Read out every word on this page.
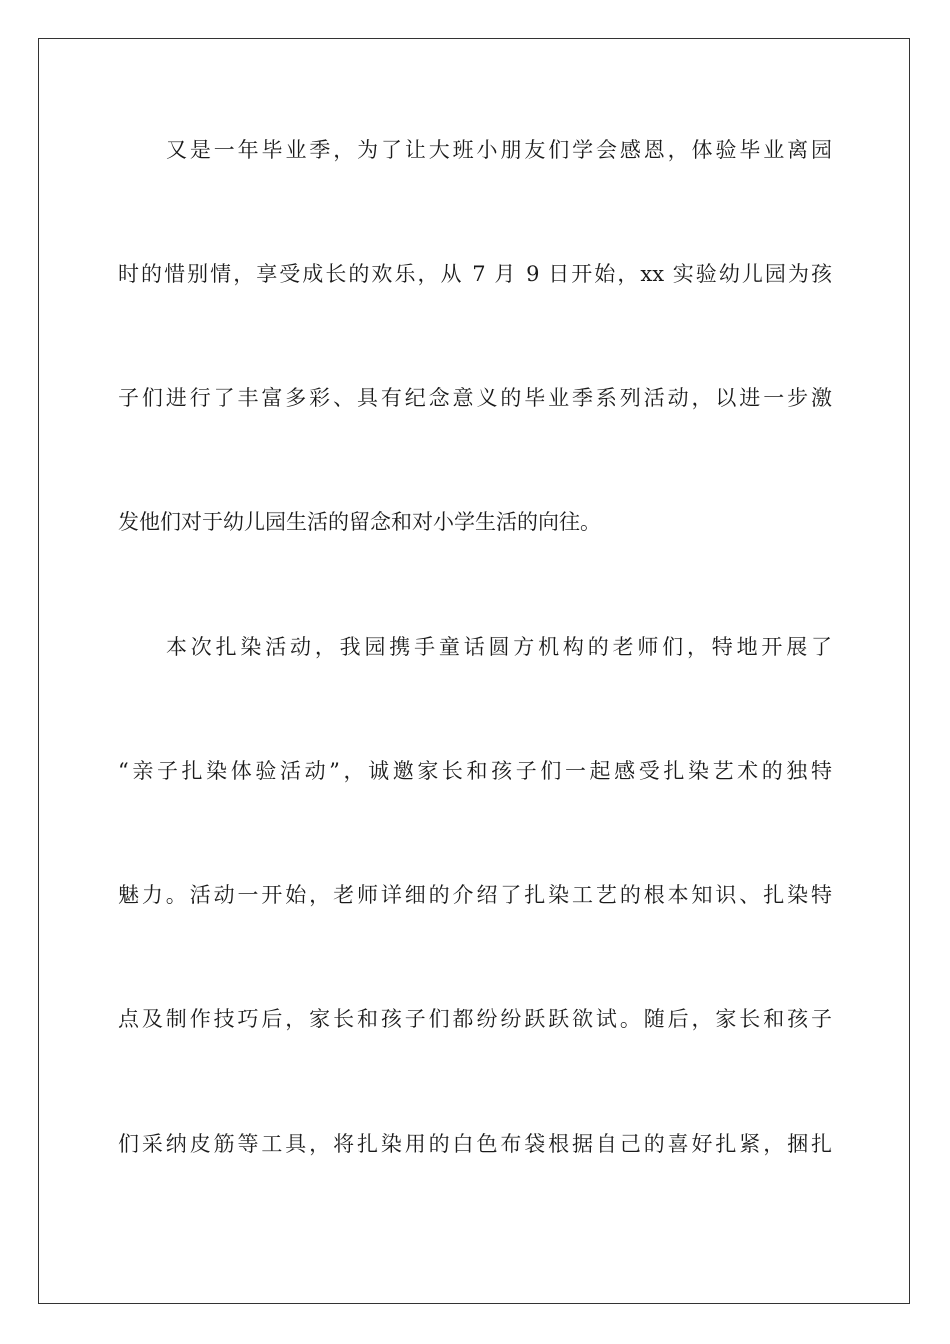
又是一年毕业季，为了让大班小朋友们学会感恩，体验毕业离园
时的惜别情，享受成长的欢乐，从 7 月 9 日开始，xx 实验幼儿园为孩
子们进行了丰富多彩、具有纪念意义的毕业季系列活动，以进一步激
发他们对于幼儿园生活的留念和对小学生活的向往。
本次扎染活动，我园携手童话圆方机构的老师们，特地开展了
“亲子扎染体验活动”，诚邀家长和孩子们一起感受扎染艺术的独特
魅力。活动一开始，老师详细的介绍了扎染工艺的根本知识、扎染特
点及制作技巧后，家长和孩子们都纷纷跃跃欲试。随后，家长和孩子
们采纳皮筋等工具，将扎染用的白色布袋根据自己的喜好扎紧，捆扎
